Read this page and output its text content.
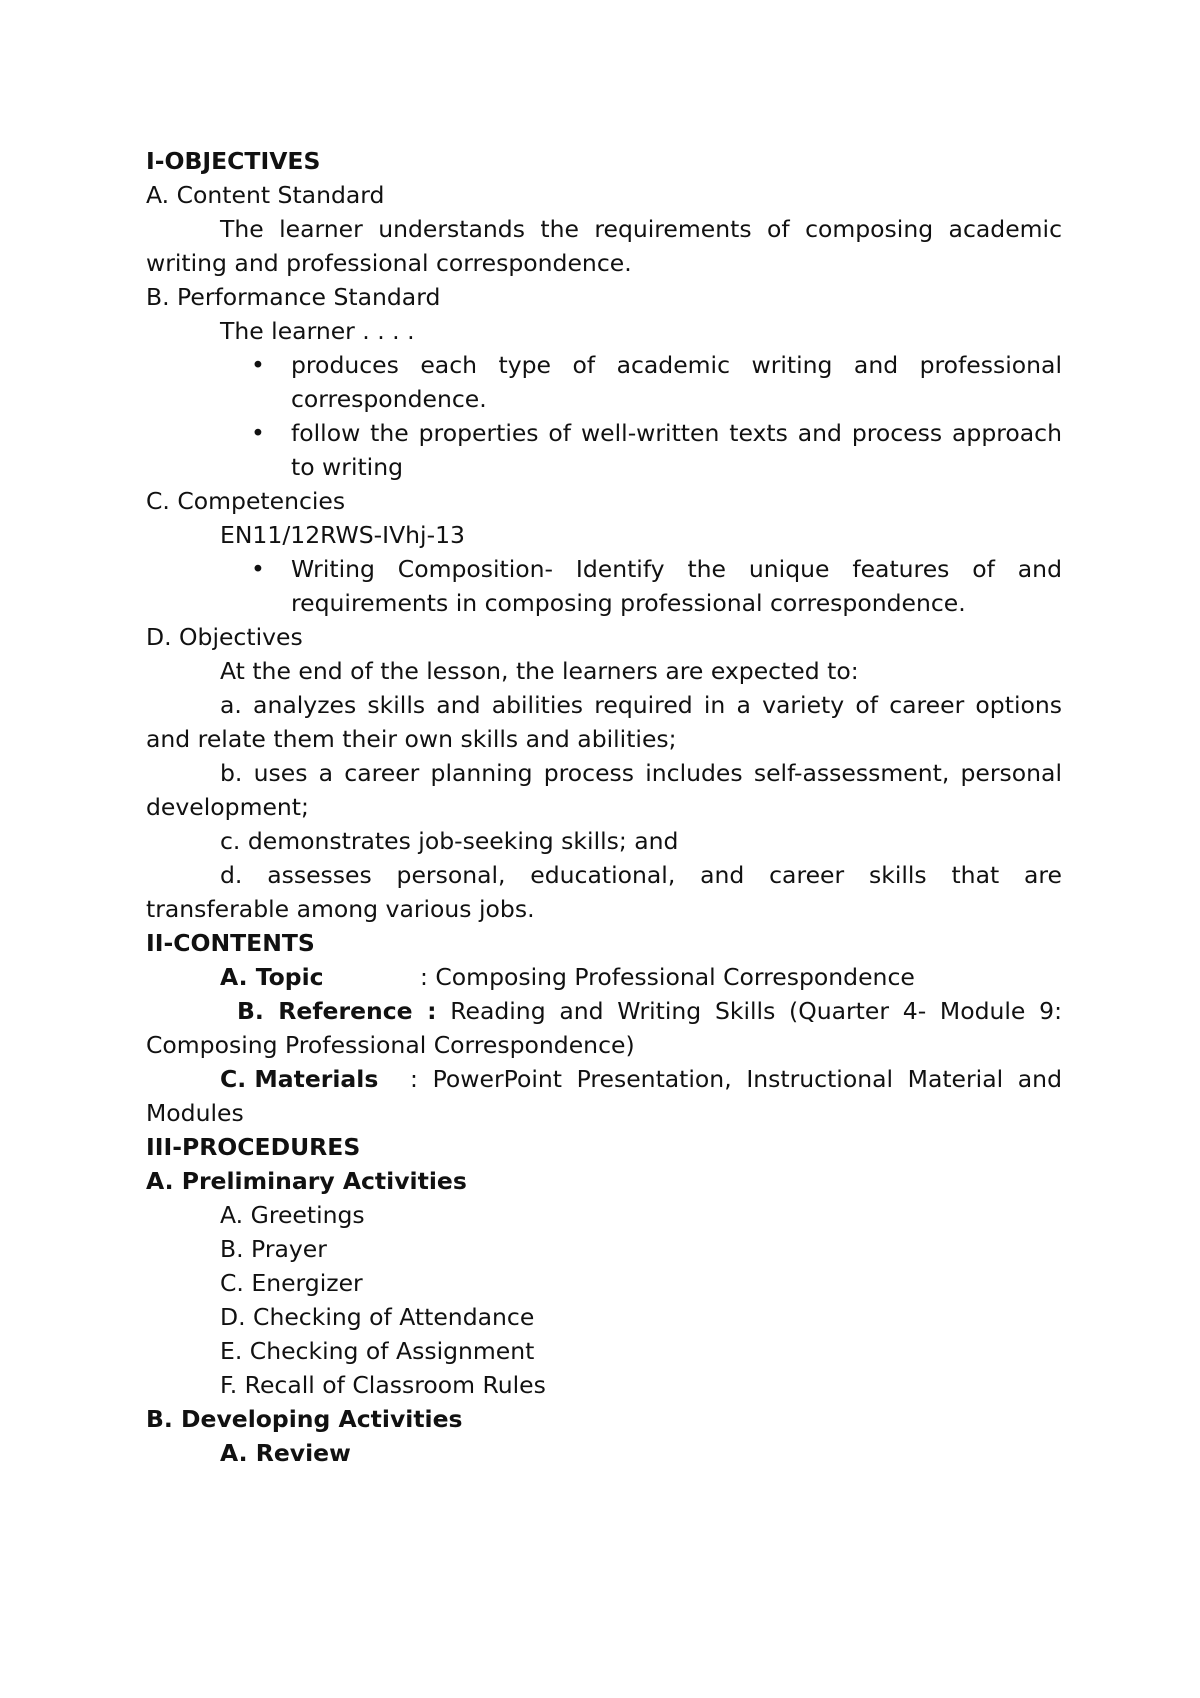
I-OBJECTIVES
A. Content Standard
The learner understands the requirements of composing academic writing and professional correspondence.
B. Performance Standard
The learner . . . .
•	produces each type of academic writing and professional correspondence.
•	follow the properties of well-written texts and process approach to writing
C. Competencies
EN11/12RWS-IVhj-13
•	Writing Composition- Identify the unique features of and requirements in composing professional correspondence.
D. Objectives
At the end of the lesson, the learners are expected to:
a. analyzes skills and abilities required in a variety of career options and relate them their own skills and abilities;
b. uses a career planning process includes self-assessment, personal development;
c. demonstrates job-seeking skills; and
d. assesses personal, educational, and career skills that are transferable among various jobs.
II-CONTENTS
A. Topic	: Composing Professional Correspondence
B. Reference : Reading and Writing Skills (Quarter 4- Module 9: Composing Professional Correspondence)
C. Materials : PowerPoint Presentation, Instructional Material and Modules
III-PROCEDURES
A. Preliminary Activities
A. Greetings
B. Prayer
C. Energizer
D. Checking of Attendance
E. Checking of Assignment
F. Recall of Classroom Rules
B. Developing Activities
A. Review
